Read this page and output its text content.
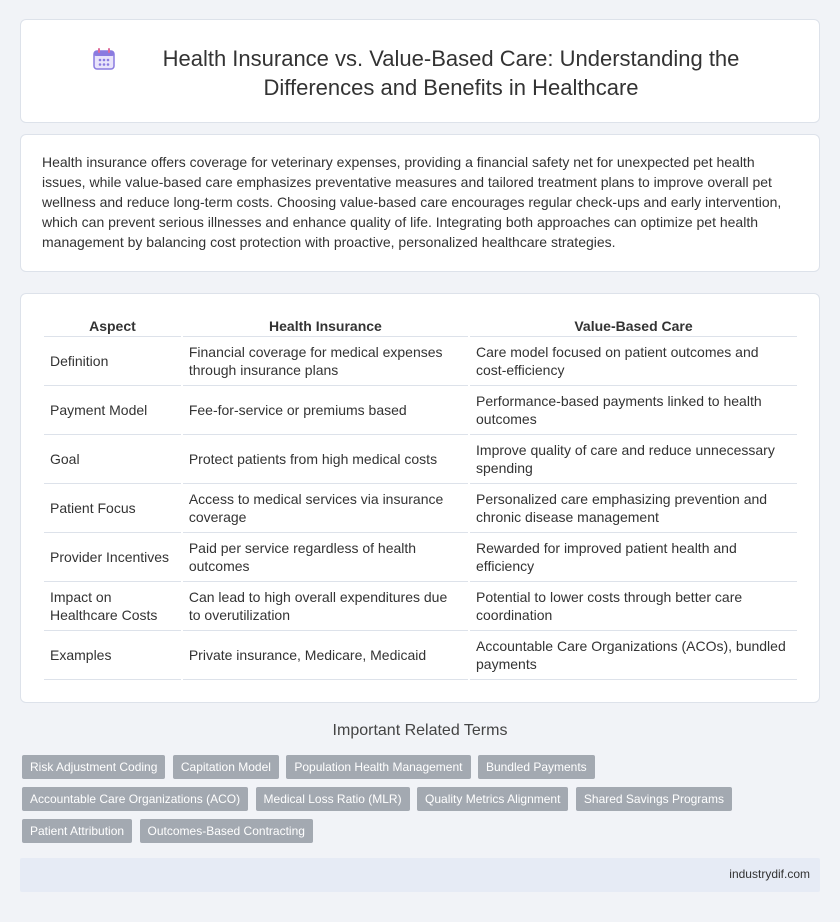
Health Insurance vs. Value-Based Care: Understanding the Differences and Benefits in Healthcare
Health insurance offers coverage for veterinary expenses, providing a financial safety net for unexpected pet health issues, while value-based care emphasizes preventative measures and tailored treatment plans to improve overall pet wellness and reduce long-term costs. Choosing value-based care encourages regular check-ups and early intervention, which can prevent serious illnesses and enhance quality of life. Integrating both approaches can optimize pet health management by balancing cost protection with proactive, personalized healthcare strategies.
Aspect	Health Insurance	Value-Based Care
Definition	Financial coverage for medical expenses through insurance plans	Care model focused on patient outcomes and cost-efficiency
Payment Model	Fee-for-service or premiums based	Performance-based payments linked to health outcomes
Goal	Protect patients from high medical costs	Improve quality of care and reduce unnecessary spending
Patient Focus	Access to medical services via insurance coverage	Personalized care emphasizing prevention and chronic disease management
Provider Incentives	Paid per service regardless of health outcomes	Rewarded for improved patient health and efficiency
Impact on Healthcare Costs	Can lead to high overall expenditures due to overutilization	Potential to lower costs through better care coordination
Examples	Private insurance, Medicare, Medicaid	Accountable Care Organizations (ACOs), bundled payments
Important Related Terms
Risk Adjustment Coding Capitation Model Population Health Management Bundled Payments Accountable Care Organizations (ACO) Medical Loss Ratio (MLR) Quality Metrics Alignment Shared Savings Programs Patient Attribution Outcomes-Based Contracting
industrydif.com
